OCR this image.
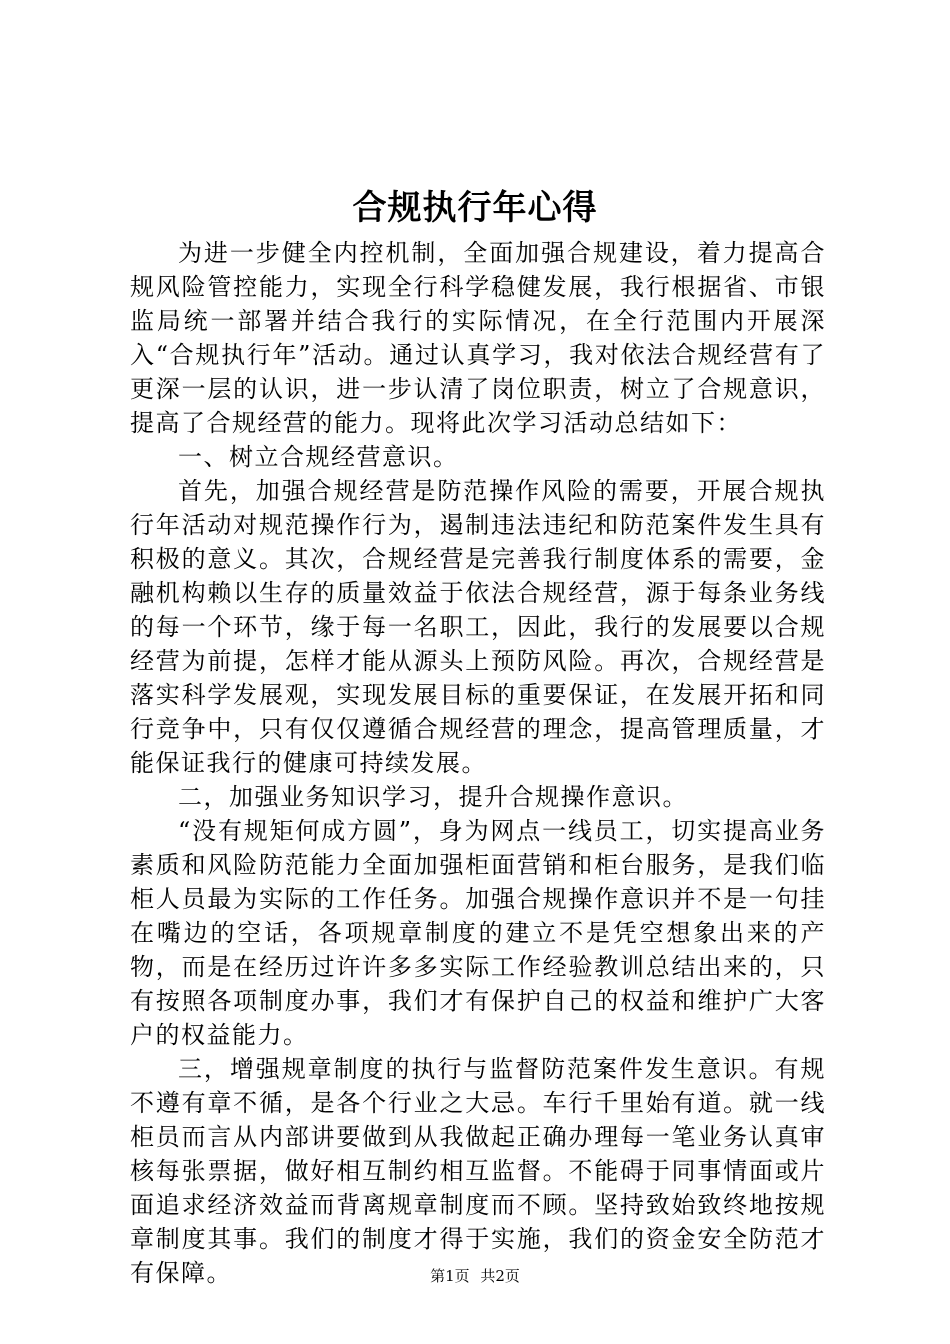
合规执行年心得

为进一步健全内控机制，全面加强合规建设，着力提高合规风险管控能力，实现全行科学稳健发展，我行根据省、市银监局统一部署并结合我行的实际情况，在全行范围内开展深入“合规执行年”活动。通过认真学习，我对依法合规经营有了更深一层的认识，进一步认清了岗位职责，树立了合规意识，提高了合规经营的能力。现将此次学习活动总结如下：

一、树立合规经营意识。

首先，加强合规经营是防范操作风险的需要，开展合规执行年活动对规范操作行为，遏制违法违纪和防范案件发生具有积极的意义。其次，合规经营是完善我行制度体系的需要，金融机构赖以生存的质量效益于依法合规经营，源于每条业务线的每一个环节，缘于每一名职工，因此，我行的发展要以合规经营为前提，怎样才能从源头上预防风险。再次，合规经营是落实科学发展观，实现发展目标的重要保证，在发展开拓和同行竞争中，只有仅仅遵循合规经营的理念，提高管理质量，才能保证我行的健康可持续发展。

二，加强业务知识学习，提升合规操作意识。

“没有规矩何成方圆”，身为网点一线员工，切实提高业务素质和风险防范能力全面加强柜面营销和柜台服务，是我们临柜人员最为实际的工作任务。加强合规操作意识并不是一句挂在嘴边的空话，各项规章制度的建立不是凭空想象出来的产物，而是在经历过许许多多实际工作经验教训总结出来的，只有按照各项制度办事，我们才有保护自己的权益和维护广大客户的权益能力。

三，增强规章制度的执行与监督防范案件发生意识。有规不遵有章不循，是各个行业之大忌。车行千里始有道。就一线柜员而言从内部讲要做到从我做起正确办理每一笔业务认真审核每张票据，做好相互制约相互监督。不能碍于同事情面或片面追求经济效益而背离规章制度而不顾。坚持致始致终地按规章制度其事。我们的制度才得于实施，我们的资金安全防范才有保障。	第1页 共2页
